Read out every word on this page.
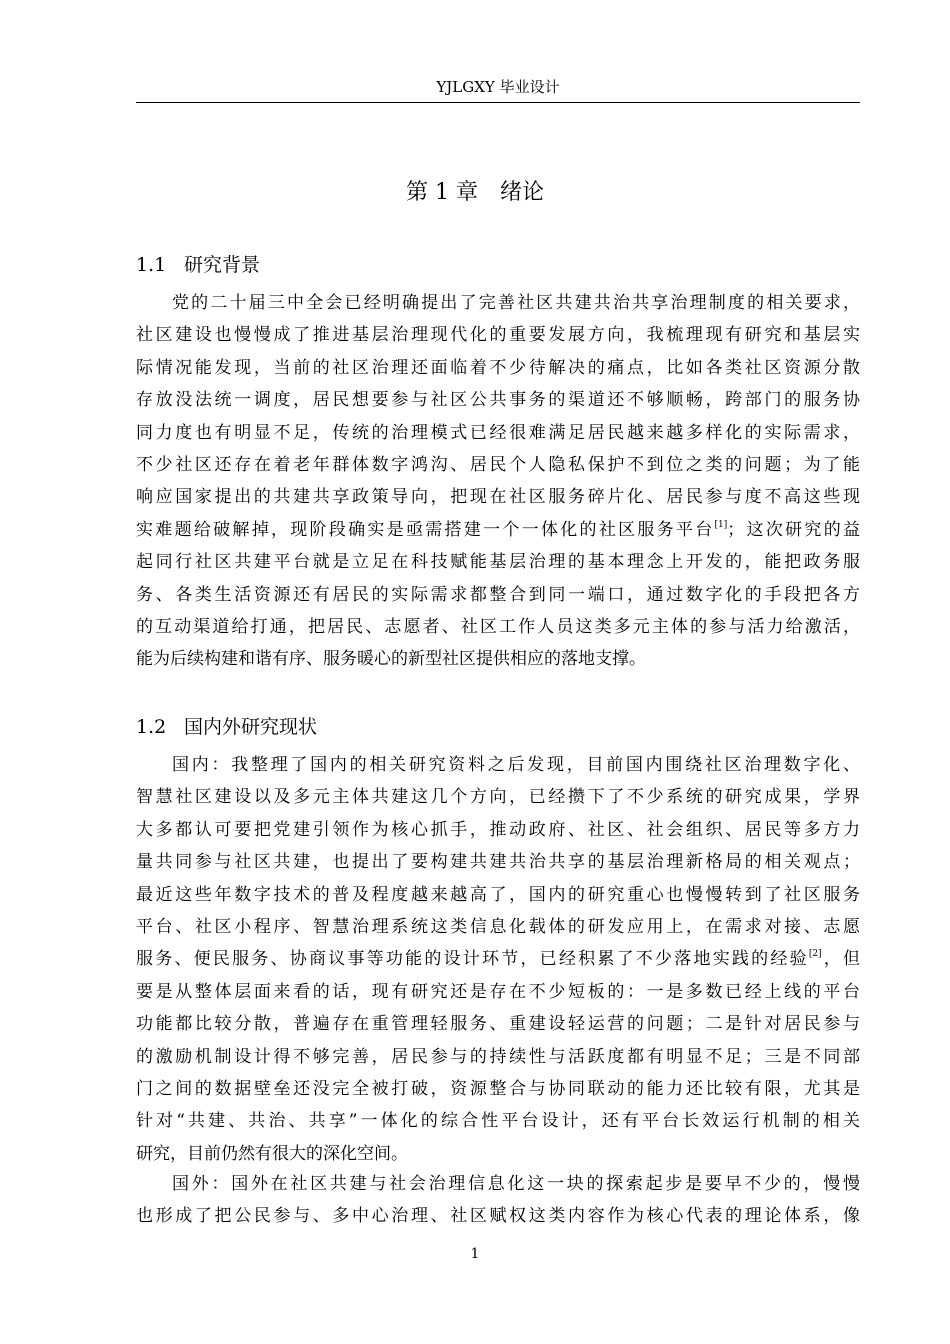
YJLGXY 毕业设计
第 1 章　绪论
1.1 研究背景
党的二十届三中全会已经明确提出了完善社区共建共治共享治理制度的相关要求，
社区建设也慢慢成了推进基层治理现代化的重要发展方向，我梳理现有研究和基层实
际情况能发现，当前的社区治理还面临着不少待解决的痛点，比如各类社区资源分散
存放没法统一调度，居民想要参与社区公共事务的渠道还不够顺畅，跨部门的服务协
同力度也有明显不足，传统的治理模式已经很难满足居民越来越多样化的实际需求，
不少社区还存在着老年群体数字鸿沟、居民个人隐私保护不到位之类的问题；为了能
响应国家提出的共建共享政策导向，把现在社区服务碎片化、居民参与度不高这些现
实难题给破解掉，现阶段确实是亟需搭建一个一体化的社区服务平台[1]；这次研究的益
起同行社区共建平台就是立足在科技赋能基层治理的基本理念上开发的，能把政务服
务、各类生活资源还有居民的实际需求都整合到同一端口，通过数字化的手段把各方
的互动渠道给打通，把居民、志愿者、社区工作人员这类多元主体的参与活力给激活，
能为后续构建和谐有序、服务暖心的新型社区提供相应的落地支撑。
1.2 国内外研究现状
国内：我整理了国内的相关研究资料之后发现，目前国内围绕社区治理数字化、
智慧社区建设以及多元主体共建这几个方向，已经攒下了不少系统的研究成果，学界
大多都认可要把党建引领作为核心抓手，推动政府、社区、社会组织、居民等多方力
量共同参与社区共建，也提出了要构建共建共治共享的基层治理新格局的相关观点；
最近这些年数字技术的普及程度越来越高了，国内的研究重心也慢慢转到了社区服务
平台、社区小程序、智慧治理系统这类信息化载体的研发应用上，在需求对接、志愿
服务、便民服务、协商议事等功能的设计环节，已经积累了不少落地实践的经验[2]，但
要是从整体层面来看的话，现有研究还是存在不少短板的：一是多数已经上线的平台
功能都比较分散，普遍存在重管理轻服务、重建设轻运营的问题；二是针对居民参与
的激励机制设计得不够完善，居民参与的持续性与活跃度都有明显不足；三是不同部
门之间的数据壁垒还没完全被打破，资源整合与协同联动的能力还比较有限，尤其是
针对“共建、共治、共享”一体化的综合性平台设计，还有平台长效运行机制的相关
研究，目前仍然有很大的深化空间。
国外：国外在社区共建与社会治理信息化这一块的探索起步是要早不少的，慢慢
也形成了把公民参与、多中心治理、社区赋权这类内容作为核心代表的理论体系，像
1
